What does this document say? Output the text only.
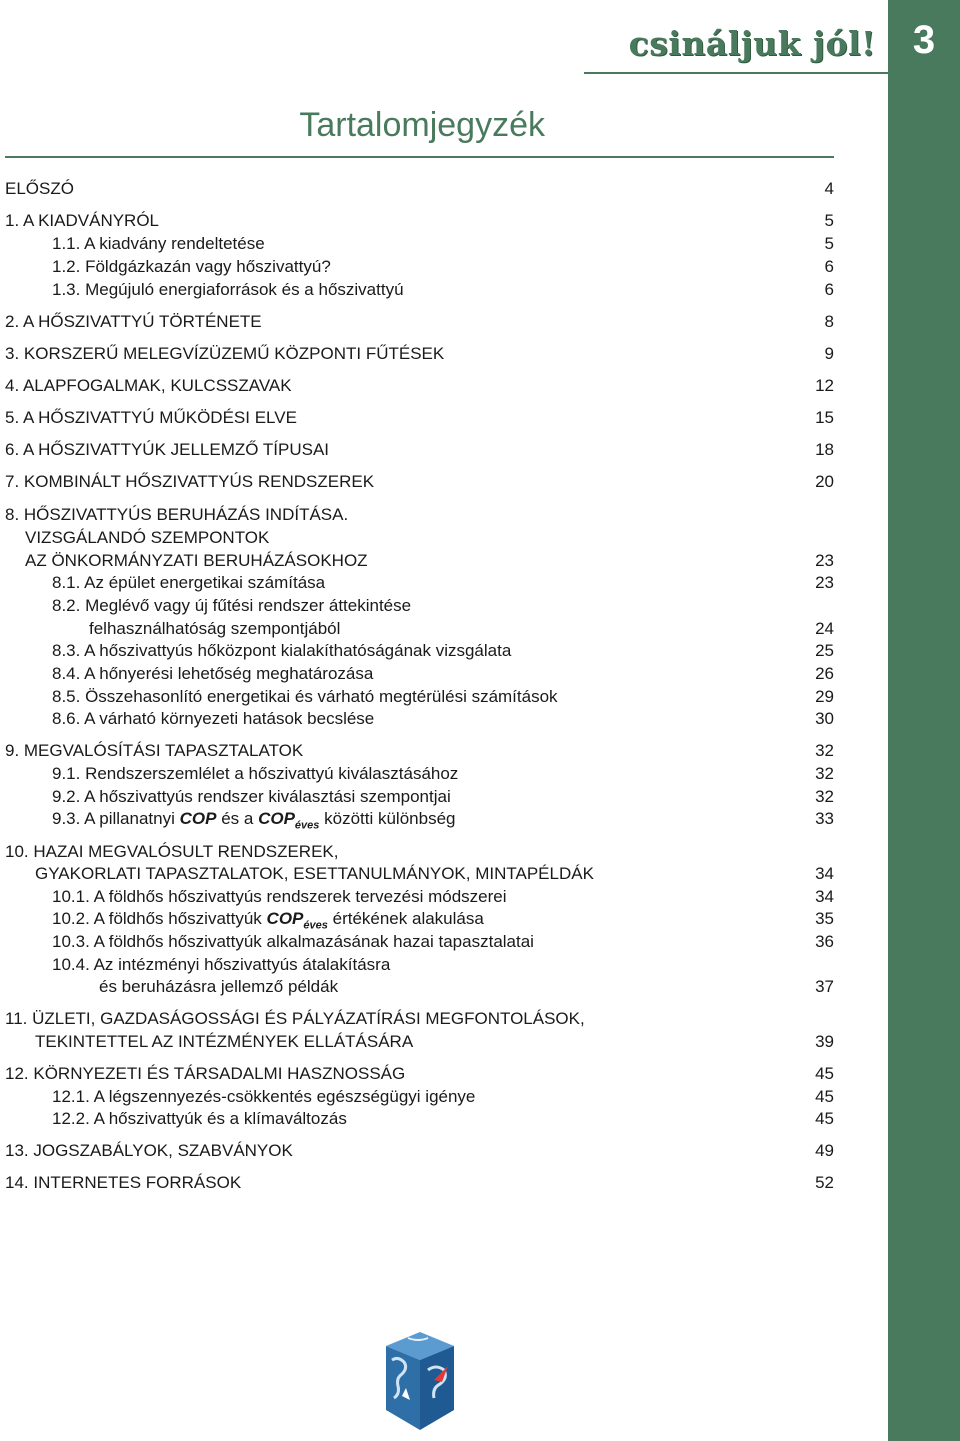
3
csináljuk jól!
Tartalomjegyzék
ELŐSZÓ	4
1. A KIADVÁNYRÓL	5
1.1. A kiadvány rendeltetése	5
1.2. Földgázkazán vagy hőszivattyú?	6
1.3. Megújuló energiaforrások és a hőszivattyú	6
2. A HŐSZIVATTYÚ TÖRTÉNETE	8
3. KORSZERŰ MELEGVÍZÜZEMŰ KÖZPONTI FŰTÉSEK	9
4. ALAPFOGALMAK, KULCSSZAVAK	12
5. A HŐSZIVATTYÚ MŰKÖDÉSI ELVE	15
6. A HŐSZIVATTYÚK JELLEMZŐ TÍPUSAI	18
7. KOMBINÁLT HŐSZIVATTYÚS RENDSZEREK	20
8. HŐSZIVATTYÚS BERUHÁZÁS INDÍTÁSA.
VIZSGÁLANDÓ SZEMPONTOK
AZ ÖNKORMÁNYZATI BERUHÁZÁSOKHOZ	23
8.1. Az épület energetikai számítása	23
8.2. Meglévő vagy új fűtési rendszer áttekintése
felhasználhatóság szempontjából	24
8.3. A hőszivattyús hőközpont kialakíthatóságának vizsgálata	25
8.4. A hőnyerési lehetőség meghatározása	26
8.5. Összehasonlító energetikai és várható megtérülési számítások	29
8.6. A várható környezeti hatások becslése	30
9. MEGVALÓSÍTÁSI TAPASZTALATOK	32
9.1. Rendszerszemlélet a hőszivattyú kiválasztásához	32
9.2. A hőszivattyús rendszer kiválasztási szempontjai	32
9.3. A pillanatnyi COP és a $COP_{éves}$ közötti különbség	33
10. HAZAI MEGVALÓSULT RENDSZEREK,
GYAKORLATI TAPASZTALATOK, ESETTANULMÁNYOK, MINTAPÉLDÁK	34
10.1. A földhős hőszivattyús rendszerek tervezési módszerei	34
10.2. A földhős hőszivattyúk $COP_{éves}$ értékének alakulása	35
10.3. A földhős hőszivattyúk alkalmazásának hazai tapasztalatai	36
10.4. Az intézményi hőszivattyús átalakításra
és beruházásra jellemző példák	37
11. ÜZLETI, GAZDASÁGOSSÁGI ÉS PÁLYÁZATÍRÁSI MEGFONTOLÁSOK,
TEKINTETTEL AZ INTÉZMÉNYEK ELLÁTÁSÁRA	39
12. KÖRNYEZETI ÉS TÁRSADALMI HASZNOSSÁG	45
12.1. A légszennyezés-csökkentés egészségügyi igénye	45
12.2. A hőszivattyúk és a klímaváltozás	45
13. JOGSZABÁLYOK, SZABVÁNYOK	49
14. INTERNETES FORRÁSOK	52
